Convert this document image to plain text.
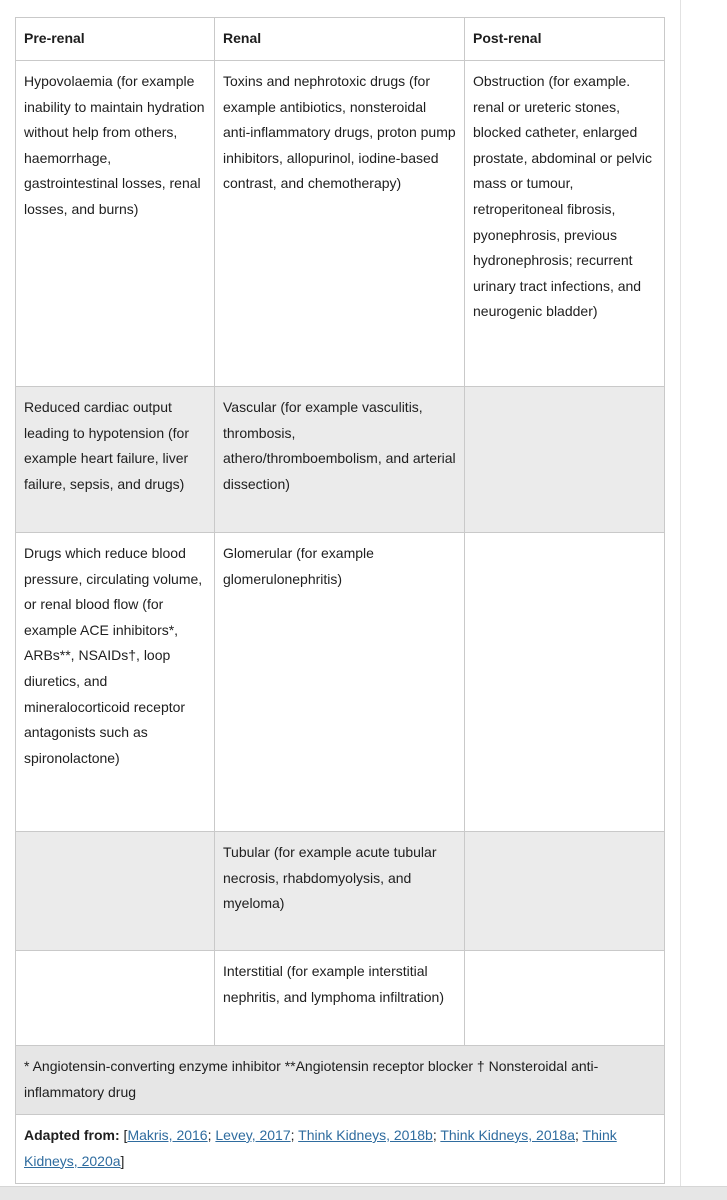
Pre-renal	Renal	Post-renal
Hypovolaemia (for example inability to maintain hydration without help from others, haemorrhage, gastrointestinal losses, renal losses, and burns)	Toxins and nephrotoxic drugs (for example antibiotics, nonsteroidal anti-inflammatory drugs, proton pump inhibitors, allopurinol, iodine-based contrast, and chemotherapy)	Obstruction (for example. renal or ureteric stones, blocked catheter, enlarged prostate, abdominal or pelvic mass or tumour, retroperitoneal fibrosis, pyonephrosis, previous hydronephrosis; recurrent urinary tract infections, and neurogenic bladder)
Reduced cardiac output leading to hypotension (for example heart failure, liver failure, sepsis, and drugs)	Vascular (for example vasculitis, thrombosis, athero/thromboembolism, and arterial dissection)	
Drugs which reduce blood pressure, circulating volume, or renal blood flow (for example ACE inhibitors*, ARBs**, NSAIDs†, loop diuretics, and mineralocorticoid receptor antagonists such as spironolactone)	Glomerular (for example glomerulonephritis)	
	Tubular (for example acute tubular necrosis, rhabdomyolysis, and myeloma)	
	Interstitial (for example interstitial nephritis, and lymphoma infiltration)	
* Angiotensin-converting enzyme inhibitor **Angiotensin receptor blocker † Nonsteroidal anti-inflammatory drug		
Adapted from: [Makris, 2016; Levey, 2017; Think Kidneys, 2018b; Think Kidneys, 2018a; Think Kidneys, 2020a]		
